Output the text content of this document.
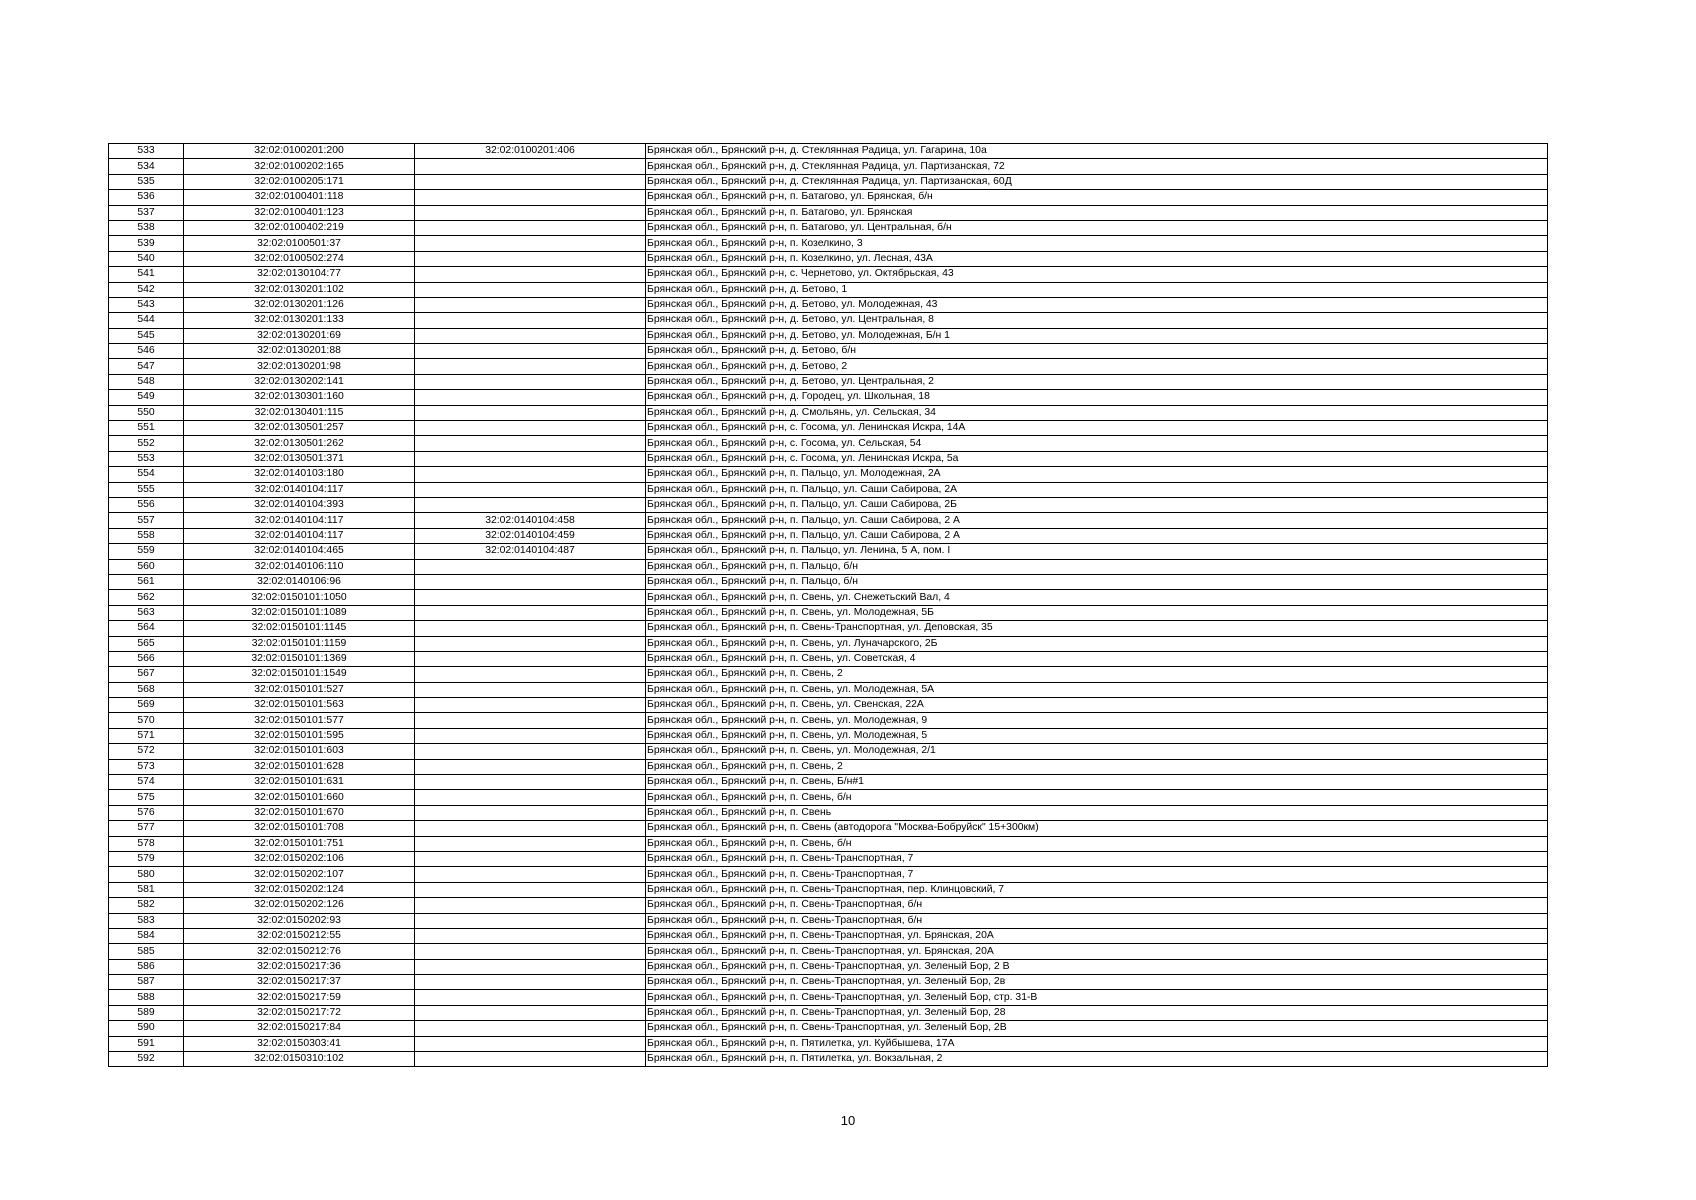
533	32:02:0100201:200	32:02:0100201:406	Брянская обл., Брянский р-н, д. Стеклянная Радица, ул. Гагарина, 10а
534	32:02:0100202:165		Брянская обл., Брянский р-н, д. Стеклянная Радица, ул. Партизанская, 72
535	32:02:0100205:171		Брянская обл., Брянский р-н, д. Стеклянная Радица, ул. Партизанская, 60Д
536	32:02:0100401:118		Брянская обл., Брянский р-н, п. Батагово, ул. Брянская, б/н
537	32:02:0100401:123		Брянская обл., Брянский р-н, п. Батагово, ул. Брянская
538	32:02:0100402:219		Брянская обл., Брянский р-н, п. Батагово, ул. Центральная, б/н
539	32:02:0100501:37		Брянская обл., Брянский р-н, п. Козелкино, 3
540	32:02:0100502:274		Брянская обл., Брянский р-н, п. Козелкино, ул. Лесная, 43А
541	32:02:0130104:77		Брянская обл., Брянский р-н, с. Чернетово, ул. Октябрьская, 43
542	32:02:0130201:102		Брянская обл., Брянский р-н, д. Бетово, 1
543	32:02:0130201:126		Брянская обл., Брянский р-н, д. Бетово, ул. Молодежная, 43
544	32:02:0130201:133		Брянская обл., Брянский р-н, д. Бетово, ул. Центральная, 8
545	32:02:0130201:69		Брянская обл., Брянский р-н, д. Бетово, ул. Молодежная, Б/н 1
546	32:02:0130201:88		Брянская обл., Брянский р-н, д. Бетово, б/н
547	32:02:0130201:98		Брянская обл., Брянский р-н, д. Бетово, 2
548	32:02:0130202:141		Брянская обл., Брянский р-н, д. Бетово, ул. Центральная, 2
549	32:02:0130301:160		Брянская обл., Брянский р-н, д. Городец, ул. Школьная, 18
550	32:02:0130401:115		Брянская обл., Брянский р-н, д. Смольянь, ул. Сельская, 34
551	32:02:0130501:257		Брянская обл., Брянский р-н, с. Госома, ул. Ленинская Искра, 14А
552	32:02:0130501:262		Брянская обл., Брянский р-н, с. Госома, ул. Сельская, 54
553	32:02:0130501:371		Брянская обл., Брянский р-н, с. Госома, ул. Ленинская Искра, 5а
554	32:02:0140103:180		Брянская обл., Брянский р-н, п. Пальцо, ул. Молодежная, 2А
555	32:02:0140104:117		Брянская обл., Брянский р-н, п. Пальцо, ул. Саши Сабирова, 2А
556	32:02:0140104:393		Брянская обл., Брянский р-н, п. Пальцо, ул. Саши Сабирова, 2Б
557	32:02:0140104:117	32:02:0140104:458	Брянская обл., Брянский р-н, п. Пальцо, ул. Саши Сабирова, 2 А
558	32:02:0140104:117	32:02:0140104:459	Брянская обл., Брянский р-н, п. Пальцо, ул. Саши Сабирова, 2 А
559	32:02:0140104:465	32:02:0140104:487	Брянская обл., Брянский р-н, п. Пальцо, ул. Ленина, 5 А, пом. I
560	32:02:0140106:110		Брянская обл., Брянский р-н, п. Пальцо, б/н
561	32:02:0140106:96		Брянская обл., Брянский р-н, п. Пальцо, б/н
562	32:02:0150101:1050		Брянская обл., Брянский р-н, п. Свень, ул. Снежетьский Вал, 4
563	32:02:0150101:1089		Брянская обл., Брянский р-н, п. Свень, ул. Молодежная, 5Б
564	32:02:0150101:1145		Брянская обл., Брянский р-н, п. Свень-Транспортная, ул. Деповская, 35
565	32:02:0150101:1159		Брянская обл., Брянский р-н, п. Свень, ул. Луначарского, 2Б
566	32:02:0150101:1369		Брянская обл., Брянский р-н, п. Свень, ул. Советская, 4
567	32:02:0150101:1549		Брянская обл., Брянский р-н, п. Свень, 2
568	32:02:0150101:527		Брянская обл., Брянский р-н, п. Свень, ул. Молодежная, 5А
569	32:02:0150101:563		Брянская обл., Брянский р-н, п. Свень, ул. Свенская, 22А
570	32:02:0150101:577		Брянская обл., Брянский р-н, п. Свень, ул. Молодежная, 9
571	32:02:0150101:595		Брянская обл., Брянский р-н, п. Свень, ул. Молодежная, 5
572	32:02:0150101:603		Брянская обл., Брянский р-н, п. Свень, ул. Молодежная, 2/1
573	32:02:0150101:628		Брянская обл., Брянский р-н, п. Свень, 2
574	32:02:0150101:631		Брянская обл., Брянский р-н, п. Свень, Б/н#1
575	32:02:0150101:660		Брянская обл., Брянский р-н, п. Свень, б/н
576	32:02:0150101:670		Брянская обл., Брянский р-н, п. Свень
577	32:02:0150101:708		Брянская обл., Брянский р-н, п. Свень (автодорога "Москва-Бобруйск" 15+300км)
578	32:02:0150101:751		Брянская обл., Брянский р-н, п. Свень, б/н
579	32:02:0150202:106		Брянская обл., Брянский р-н, п. Свень-Транспортная, 7
580	32:02:0150202:107		Брянская обл., Брянский р-н, п. Свень-Транспортная, 7
581	32:02:0150202:124		Брянская обл., Брянский р-н, п. Свень-Транспортная, пер. Клинцовский, 7
582	32:02:0150202:126		Брянская обл., Брянский р-н, п. Свень-Транспортная, б/н
583	32:02:0150202:93		Брянская обл., Брянский р-н, п. Свень-Транспортная, б/н
584	32:02:0150212:55		Брянская обл., Брянский р-н, п. Свень-Транспортная, ул. Брянская, 20А
585	32:02:0150212:76		Брянская обл., Брянский р-н, п. Свень-Транспортная, ул. Брянская, 20А
586	32:02:0150217:36		Брянская обл., Брянский р-н, п. Свень-Транспортная, ул. Зеленый Бор, 2 В
587	32:02:0150217:37		Брянская обл., Брянский р-н, п. Свень-Транспортная, ул. Зеленый Бор, 2в
588	32:02:0150217:59		Брянская обл., Брянский р-н, п. Свень-Транспортная, ул. Зеленый Бор, стр. 31-В
589	32:02:0150217:72		Брянская обл., Брянский р-н, п. Свень-Транспортная, ул. Зеленый Бор, 28
590	32:02:0150217:84		Брянская обл., Брянский р-н, п. Свень-Транспортная, ул. Зеленый Бор, 2В
591	32:02:0150303:41		Брянская обл., Брянский р-н, п. Пятилетка, ул. Куйбышева, 17А
592	32:02:0150310:102		Брянская обл., Брянский р-н, п. Пятилетка, ул. Вокзальная, 2
10
